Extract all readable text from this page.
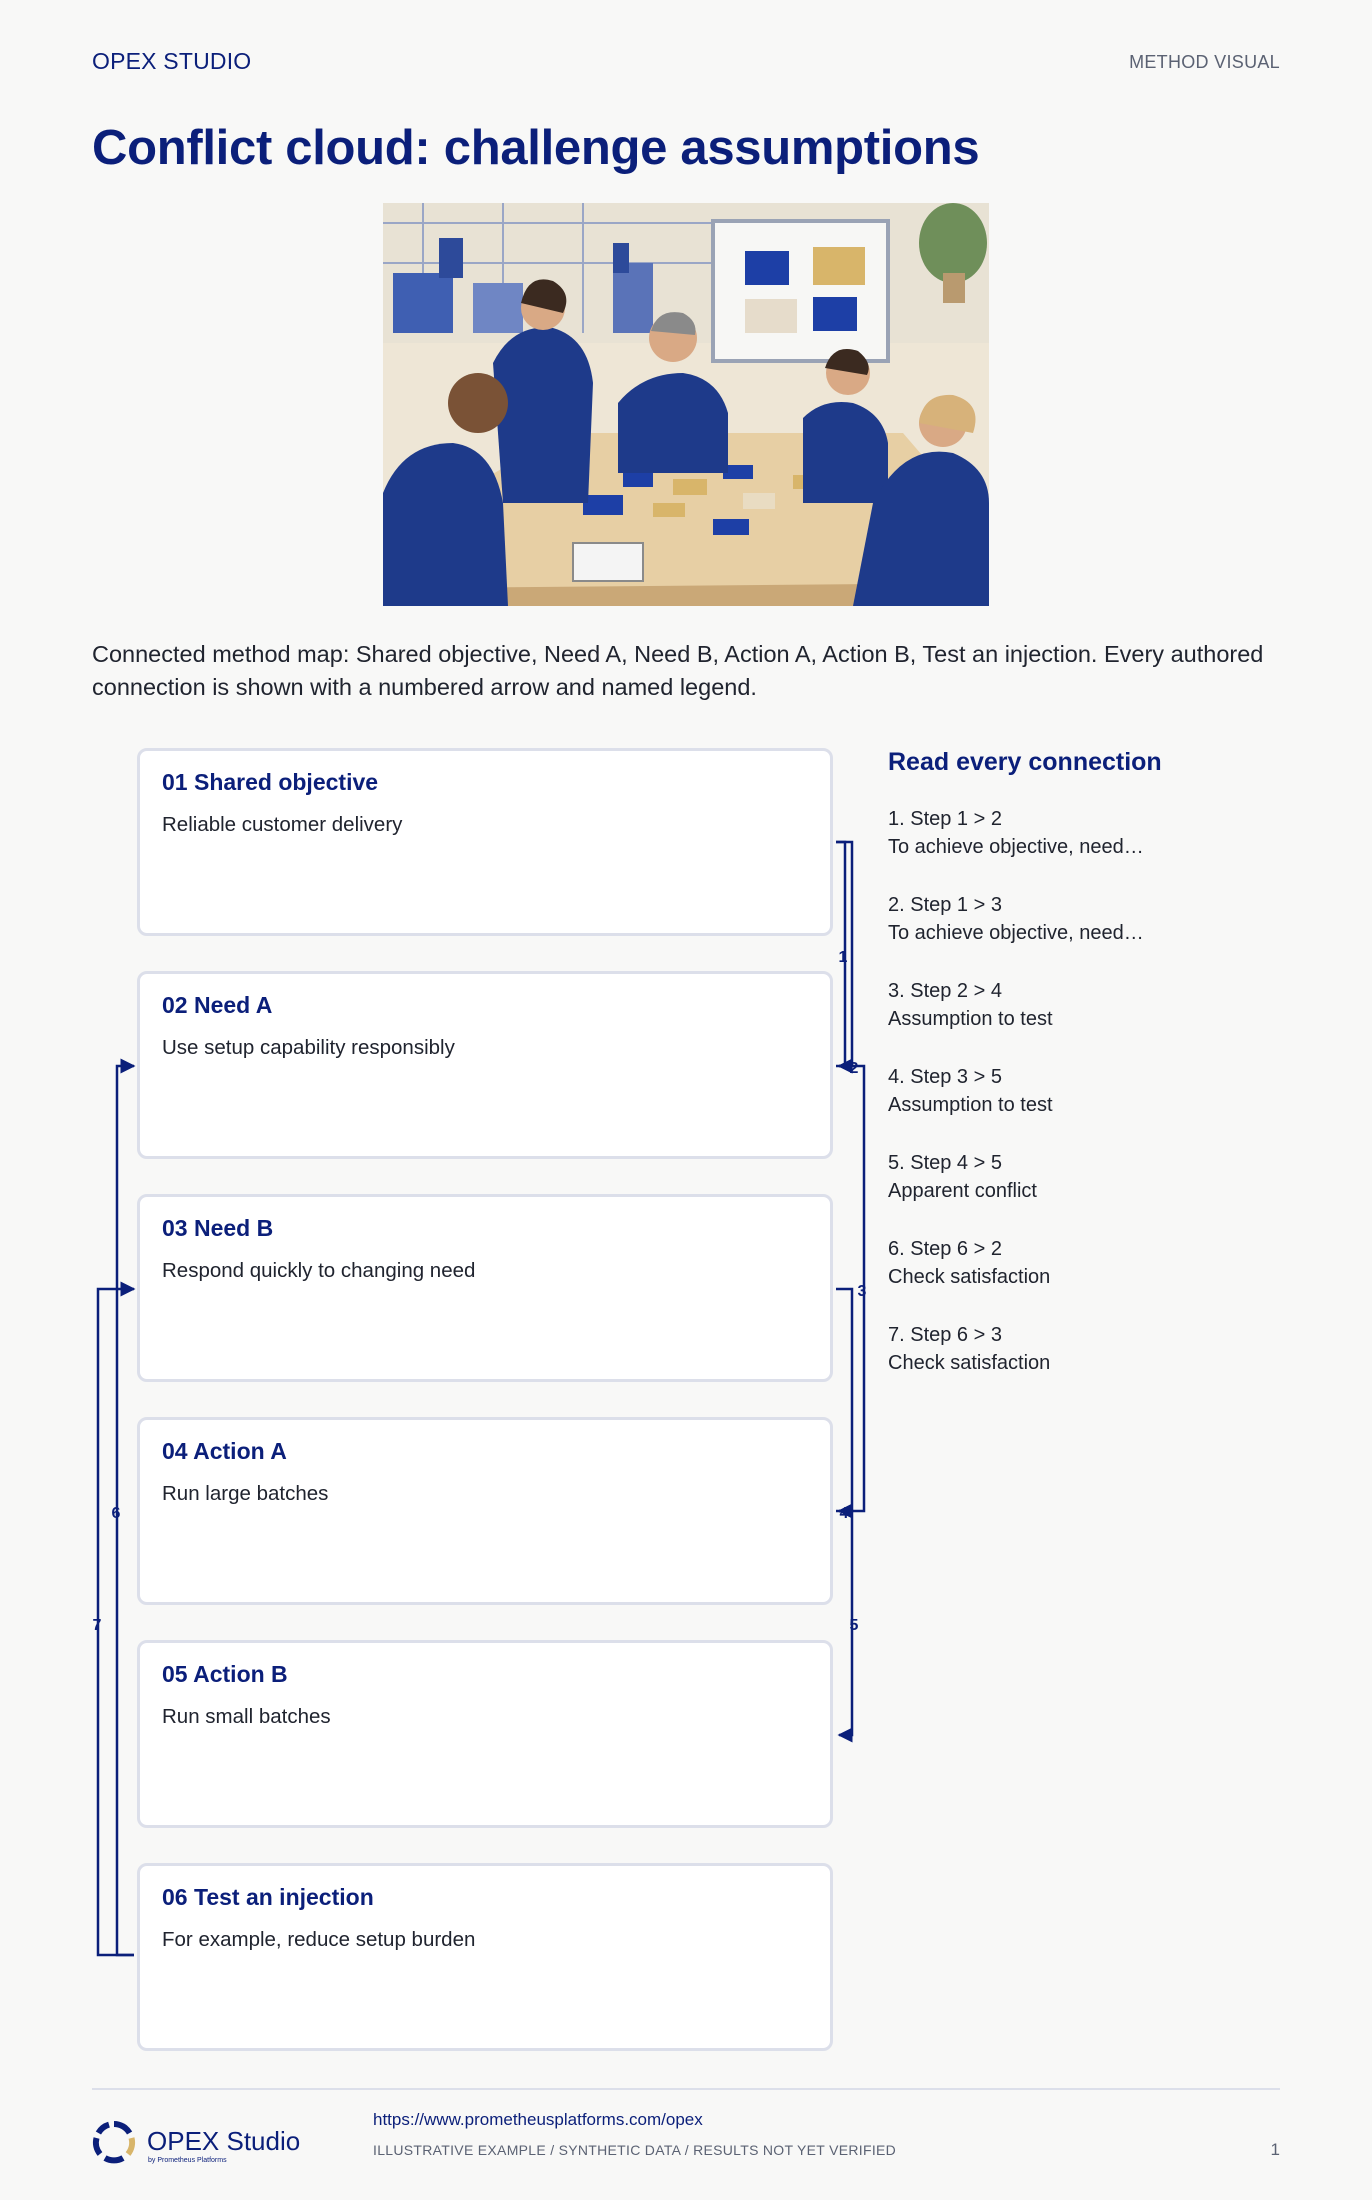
OPEX STUDIO	METHOD VISUAL
Conflict cloud: challenge assumptions

Connected method map: Shared objective, Need A, Need B, Action A, Action B, Test an injection. Every authored connection is shown with a numbered arrow and named legend.

01 Shared objective
Reliable customer delivery
02 Need A
Use setup capability responsibly
03 Need B
Respond quickly to changing need
04 Action A
Run large batches
05 Action B
Run small batches
06 Test an injection
For example, reduce setup burden
1
2
3
4
5
6
7
Read every connection
1. Step 1 > 2
To achieve objective, need…
2. Step 1 > 3
To achieve objective, need…
3. Step 2 > 4
Assumption to test
4. Step 3 > 5
Assumption to test
5. Step 4 > 5
Apparent conflict
6. Step 6 > 2
Check satisfaction
7. Step 6 > 3
Check satisfaction
OPEX Studio
by Prometheus Platforms
https://www.prometheusplatforms.com/opex
ILLUSTRATIVE EXAMPLE / SYNTHETIC DATA / RESULTS NOT YET VERIFIED	1
